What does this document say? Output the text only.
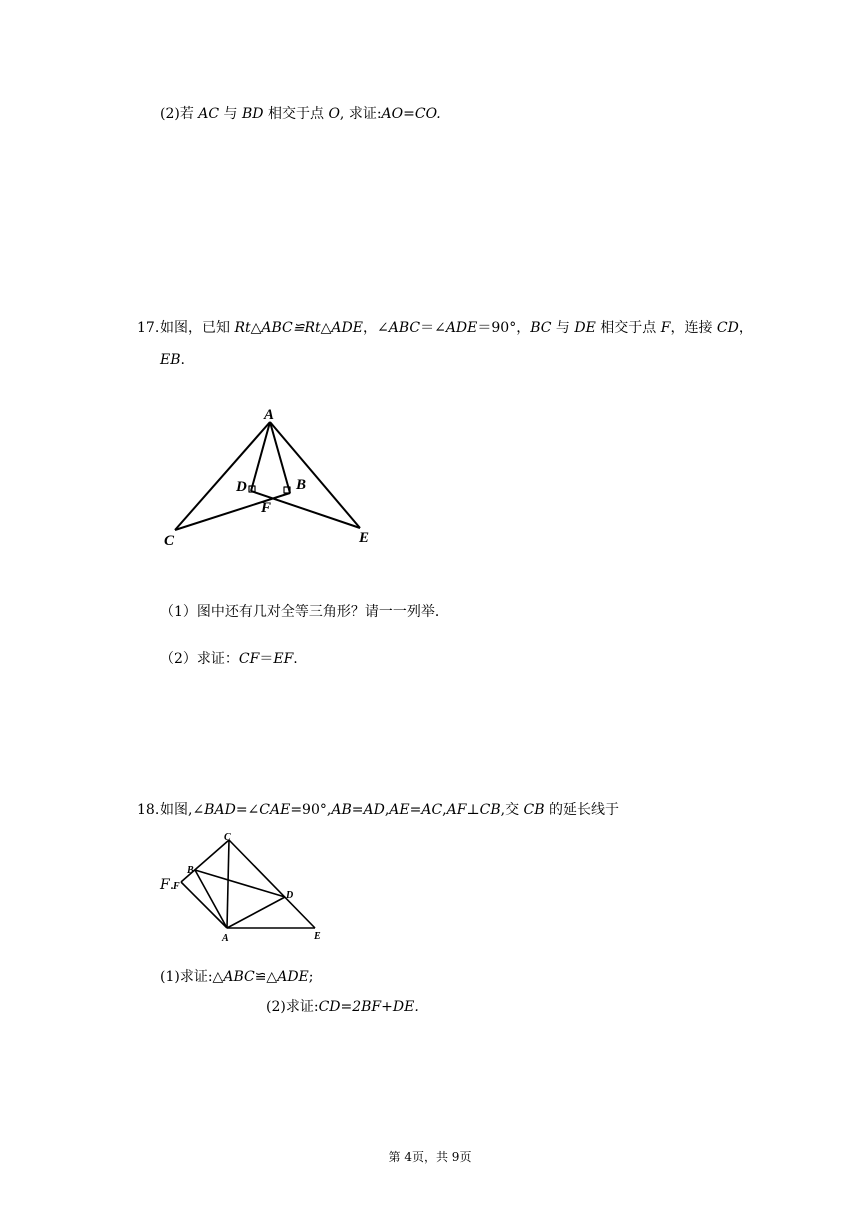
(2)若 AC 与 BD 相交于点 O, 求证:AO=CO.
17.如图，已知 Rt△ABC≌Rt△ADE，∠ABC＝∠ADE＝90°，BC 与 DE 相交于点 F，连接 CD，
EB.
A
D	B
F
C	E
（1）图中还有几对全等三角形？请一一列举．
（2）求证：CF＝EF.
18.如图,∠BAD=∠CAE=90°,AB=AD,AE=AC,AF⊥CB,交 CB 的延长线于
F.
C
B
F
D
A	E
(1)求证:△ABC≌△ADE;
(2)求证:CD=2BF+DE.
第 4页，共 9页
